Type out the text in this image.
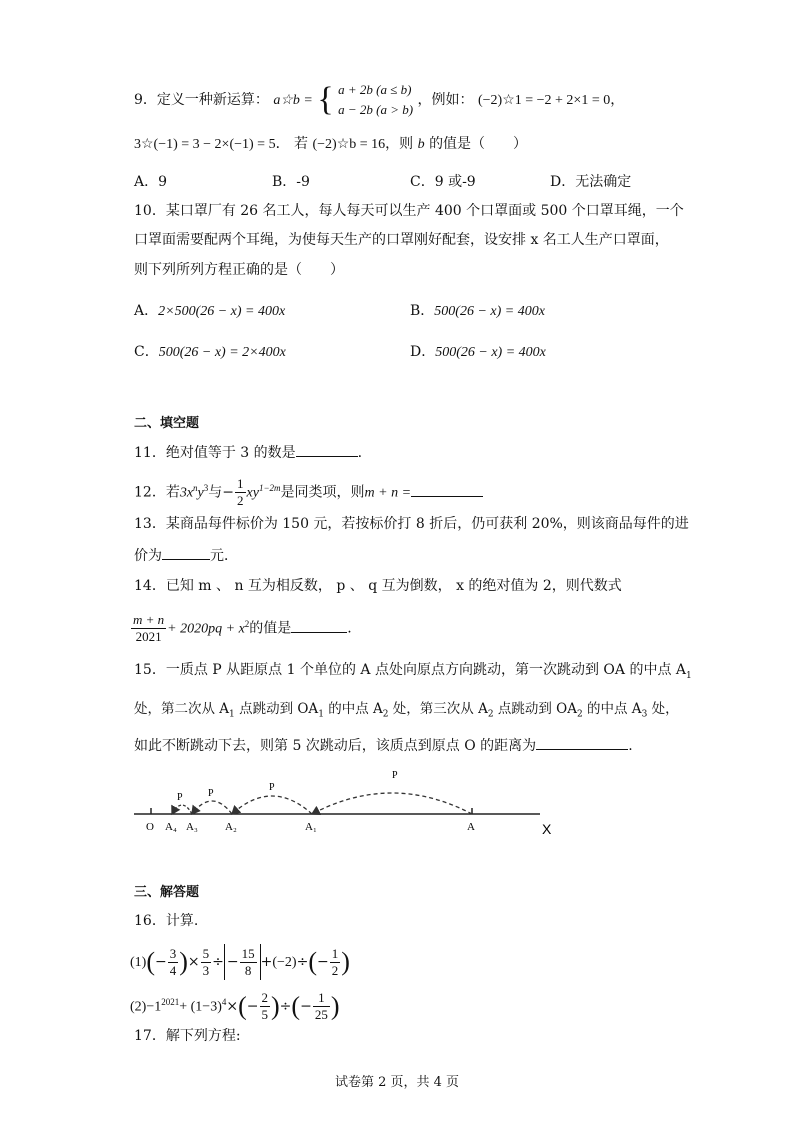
9．定义一种新运算： a☆b = { a + 2b (a ≤ b)
a − 2b (a > b)
，例如： (−2)☆1 = −2 + 2×1 = 0，
3☆(−1) = 3 − 2×(−1) = 5． 若 (−2)☆b = 16，则 b 的值是（　　）
A．9	B．-9	C．9 或-9	D．无法确定
10．某口罩厂有 26 名工人，每人每天可以生产 400 个口罩面或 500 个口罩耳绳，一个
口罩面需要配两个耳绳，为使每天生产的口罩刚好配套，设安排 x 名工人生产口罩面，
则下列所列方程正确的是（　　）
A．2×500(26 − x) = 400x	B．500(26 − x) = 400x
C．500(26 − x) = 2×400x	D．500(26 − x) = 400x
二、填空题
11．绝对值等于 3 的数是	.
12．若$3x^ny^3$与− $\frac{1}{2} xy^{1-2m}$是同类项，则m + n =
13．某商品每件标价为 150 元，若按标价打 8 折后，仍可获利 20%，则该商品每件的进
价为	元．
14．已知 m 、 n 互为相反数， p 、 q 互为倒数， x 的绝对值为 2，则代数式
$\frac{m + n}{2021} + 2020pq + x^2$的值是	.
15．一质点 P 从距原点 1 个单位的 A 点处向原点方向跳动，第一次跳动到 OA 的中点 $A_1$
处，第二次从 $A_1$ 点跳动到 $OA_1$ 的中点 $A_2$ 处，第三次从 $A_2$ 点跳动到 $OA_2$ 的中点 $A_3$ 处，
如此不断跳动下去，则第 5 次跳动后，该质点到原点 O 的距离为	.
P
P
P
P
O A₄ A₃ A₂	A₁	A	X
三、解答题
16．计算.
$(1)(- \frac{3}{4}$ )× $\frac{5}{3}$ ÷ − $\frac{15}{8} +(-2)\div(- \frac{1}{2}$ )
$(2)-1^{2021}+ (1-3)^4\times(- \frac{2}{5}$ )÷(− $\frac{1}{25}$ )
17．解下列方程:
试卷第 2 页，共 4 页
